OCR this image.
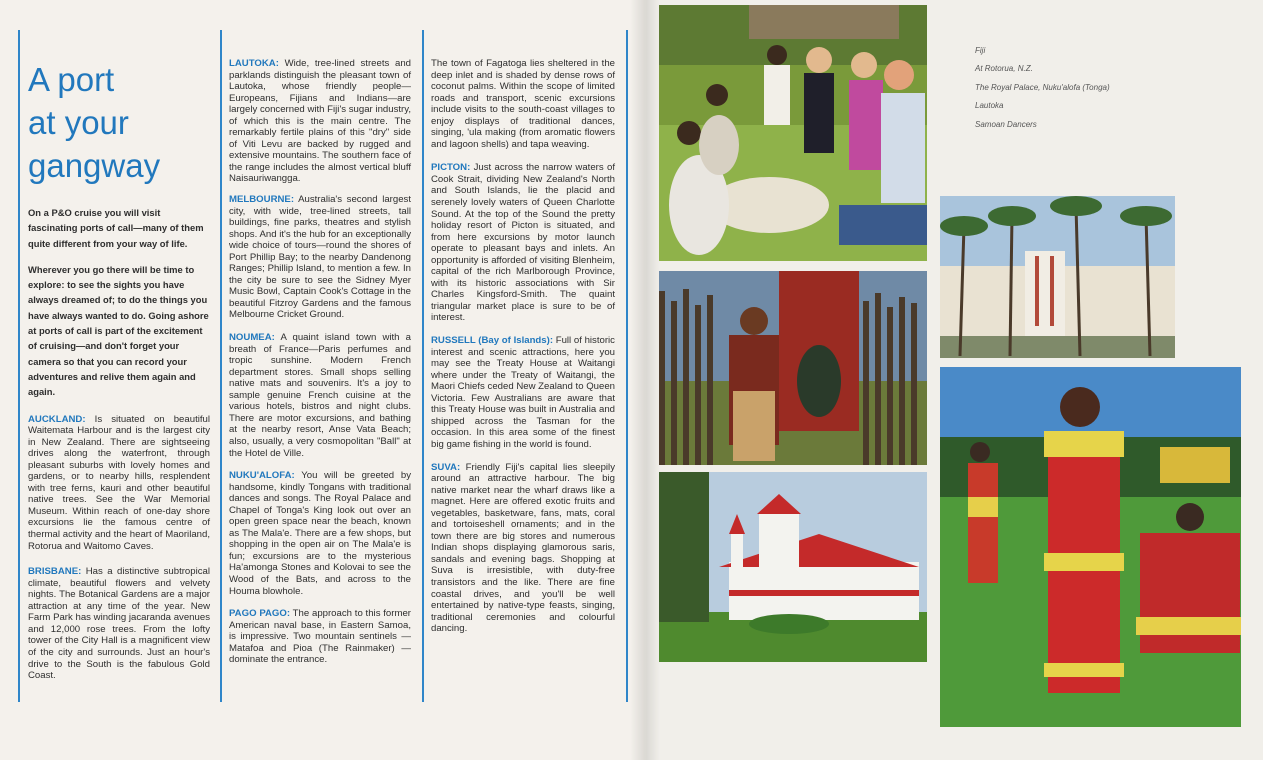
A port
at your
gangway

On a P&O cruise you will visit fascinating ports of call—many of them quite different from your way of life.

Wherever you go there will be time to explore: to see the sights you have always dreamed of; to do the things you have always wanted to do. Going ashore at ports of call is part of the excitement of cruising—and don't forget your camera so that you can record your adventures and relive them again and again.

AUCKLAND: Is situated on beautiful Waitemata Harbour and is the largest city in New Zealand. There are sightseeing drives along the waterfront, through pleasant suburbs with lovely homes and gardens, or to nearby hills, resplendent with tree ferns, kauri and other beautiful native trees. See the War Memorial Museum. Within reach of one-day shore excursions lie the famous centre of thermal activity and the heart of Maoriland, Rotorua and Waitomo Caves.

BRISBANE: Has a distinctive subtropical climate, beautiful flowers and velvety nights. The Botanical Gardens are a major attraction at any time of the year. New Farm Park has winding jacaranda avenues and 12,000 rose trees. From the lofty tower of the City Hall is a magnificent view of the city and surrounds. Just an hour's drive to the South is the fabulous Gold Coast.

LAUTOKA: Wide, tree-lined streets and parklands distinguish the pleasant town of Lautoka, whose friendly people—Europeans, Fijians and Indians—are largely concerned with Fiji's sugar industry, of which this is the main centre. The remarkably fertile plains of this "dry" side of Viti Levu are backed by rugged and extensive mountains. The southern face of the range includes the almost vertical bluff Naisauriwangga.

MELBOURNE: Australia's second largest city, with wide, tree-lined streets, tall buildings, fine parks, theatres and stylish shops. And it's the hub for an exceptionally wide choice of tours—round the shores of Port Phillip Bay; to the nearby Dandenong Ranges; Phillip Island, to mention a few. In the city be sure to see the Sidney Myer Music Bowl, Captain Cook's Cottage in the beautiful Fitzroy Gardens and the famous Melbourne Cricket Ground.

NOUMEA: A quaint island town with a breath of France—Paris perfumes and tropic sunshine. Modern French department stores. Small shops selling native mats and souvenirs. It's a joy to sample genuine French cuisine at the various hotels, bistros and night clubs. There are motor excursions, and bathing at the nearby resort, Anse Vata Beach; also, usually, a very cosmopolitan "Ball" at the Hotel de Ville.

NUKU'ALOFA: You will be greeted by handsome, kindly Tongans with traditional dances and songs. The Royal Palace and Chapel of Tonga's King look out over an open green space near the beach, known as The Mala'e. There are a few shops, but shopping in the open air on The Mala'e is fun; excursions are to the mysterious Ha'amonga Stones and Kolovai to see the Wood of the Bats, and across to the Houma blowhole.

PAGO PAGO: The approach to this former American naval base, in Eastern Samoa, is impressive. Two mountain sentinels — Matafoa and Pioa (The Rainmaker) — dominate the entrance.

The town of Fagatoga lies sheltered in the deep inlet and is shaded by dense rows of coconut palms. Within the scope of limited roads and transport, scenic excursions include visits to the south-coast villages to enjoy displays of traditional dances, singing, 'ula making (from aromatic flowers and lagoon shells) and tapa weaving.

PICTON: Just across the narrow waters of Cook Strait, dividing New Zealand's North and South Islands, lie the placid and serenely lovely waters of Queen Charlotte Sound. At the top of the Sound the pretty holiday resort of Picton is situated, and from here excursions by motor launch operate to pleasant bays and inlets. An opportunity is afforded of visiting Blenheim, capital of the rich Marlborough Province, with its historic associations with Sir Charles Kingsford-Smith. The quaint triangular market place is sure to be of interest.

RUSSELL (Bay of Islands): Full of historic interest and scenic attractions, here you may see the Treaty House at Waitangi where under the Treaty of Waitangi, the Maori Chiefs ceded New Zealand to Queen Victoria. Few Australians are aware that this Treaty House was built in Australia and shipped across the Tasman for the occasion. In this area some of the finest big game fishing in the world is found.

SUVA: Friendly Fiji's capital lies sleepily around an attractive harbour. The big native market near the wharf draws like a magnet. Here are offered exotic fruits and vegetables, basketware, fans, mats, coral and tortoiseshell ornaments; and in the town there are big stores and numerous Indian shops displaying glamorous saris, sandals and evening bags. Shopping at Suva is irresistible, with duty-free transistors and the like. There are fine coastal drives, and you'll be well entertained by native-type feasts, singing, traditional ceremonies and colourful dancing.

Fiji
At Rotorua, N.Z.
The Royal Palace, Nuku'alofa (Tonga)
Lautoka
Samoan Dancers
